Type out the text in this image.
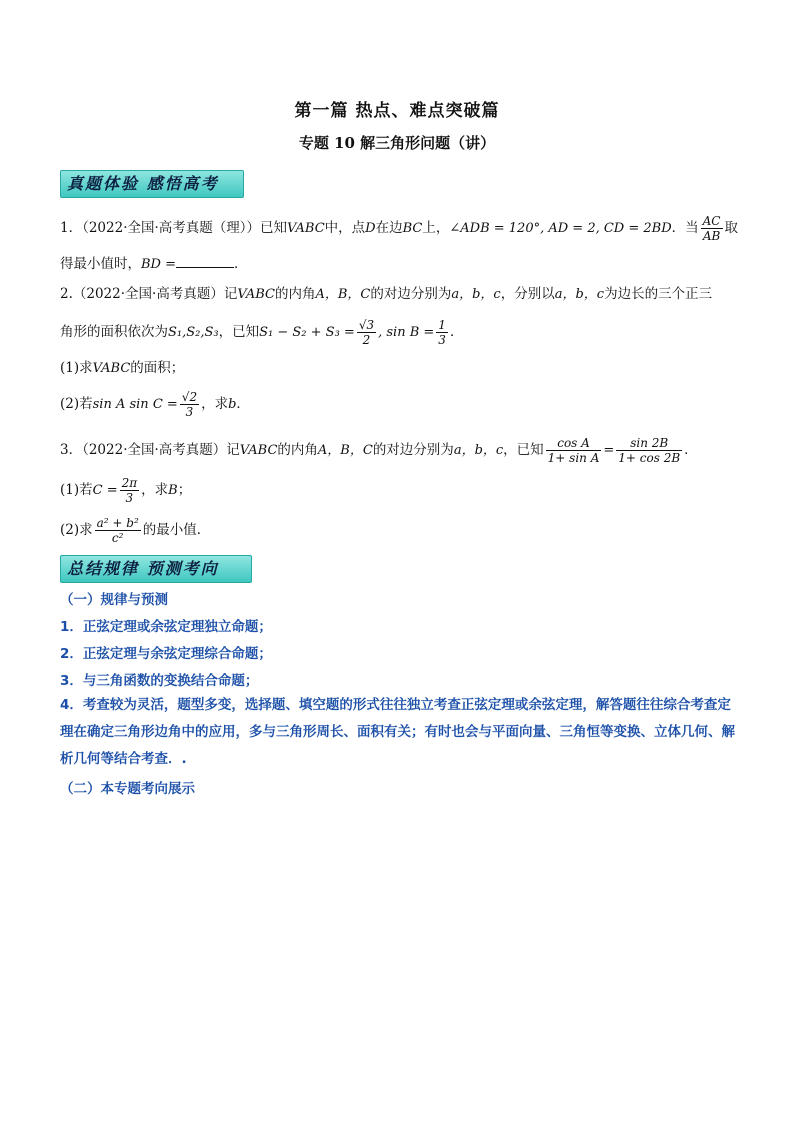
第一篇 热点、难点突破篇
专题 10 解三角形问题（讲）
真题体验 感悟高考
1．（2022·全国·高考真题（理））已知VABC中，点D在边BC上，∠ADB = 120°, AD = 2, CD = 2BD．当 $\frac{AC}{AB}$ 取
得最小值时，BD =	．
2.（2022·全国·高考真题）记VABC的内角A，B，C的对边分别为a，b，c，分别以a，b，c为边长的三个正三
角形的面积依次为S₁,S₂,S₃，已知$S_1 - S_2 + S_3 = \frac{√3}{2}$ , $\sin B = \frac{1}{3}$ ．
(1)求VABC的面积；
(2)若sin A $\sin C = \frac{√2}{3}$ ，求b．
3．（2022·全国·高考真题）记VABC的内角A，B，C的对边分别为a，b，c，已知 $\frac{\text{cos A}}{\text{1+ sin A}} = \frac{\sin 2B}{1+ \cos 2B}$ ．
(1)若$C = \frac{2\pi}{3}$ ，求B；
(2)求 $\frac{\text{a² + b²}}{\text{c²}}$ 的最小值．
总结规律 预测考向
（一）规律与预测
1．正弦定理或余弦定理独立命题；
2．正弦定理与余弦定理综合命题；
3．与三角函数的变换结合命题；
4．考查较为灵活，题型多变，选择题、填空题的形式往往独立考查正弦定理或余弦定理，解答题往往综合考查定理在确定三角形边角中的应用，多与三角形周长、面积有关；有时也会与平面向量、三角恒等变换、立体几何、解析几何等结合考查．.
（二）本专题考向展示
